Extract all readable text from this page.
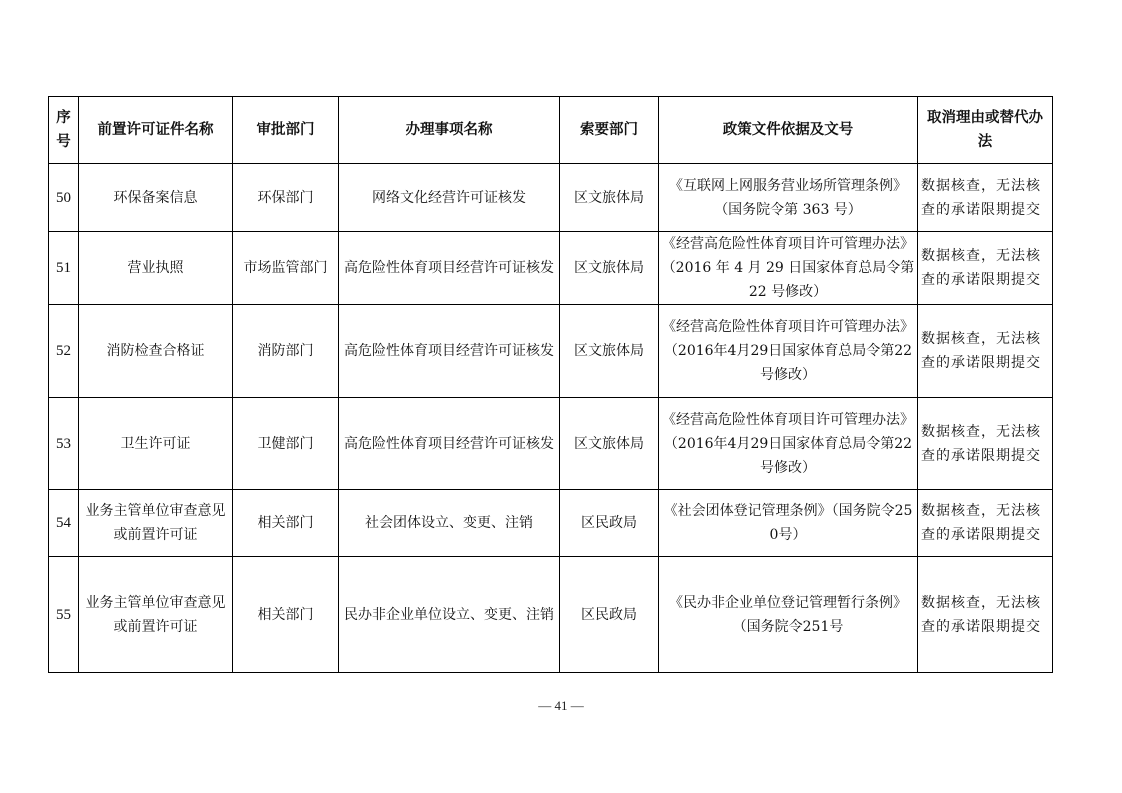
序号	前置许可证件名称	审批部门	办理事项名称	索要部门	政策文件依据及文号	取消理由或替代办法
50	环保备案信息	环保部门	网络文化经营许可证核发	区文旅体局	《互联网上网服务营业场所管理条例》（国务院令第 363 号）	数据核查，无法核查的承诺限期提交
51	营业执照	市场监管部门	高危险性体育项目经营许可证核发	区文旅体局	《经营高危险性体育项目许可管理办法》（2016 年 4 月 29 日国家体育总局令第 22 号修改）	数据核查，无法核查的承诺限期提交
52	消防检查合格证	消防部门	高危险性体育项目经营许可证核发	区文旅体局	《经营高危险性体育项目许可管理办法》（2016年4月29日国家体育总局令第22号修改）	数据核查，无法核查的承诺限期提交
53	卫生许可证	卫健部门	高危险性体育项目经营许可证核发	区文旅体局	《经营高危险性体育项目许可管理办法》（2016年4月29日国家体育总局令第22号修改）	数据核查，无法核查的承诺限期提交
54	业务主管单位审查意见或前置许可证	相关部门	社会团体设立、变更、注销	区民政局	《社会团体登记管理条例》（国务院令250号）	数据核查，无法核查的承诺限期提交
55	业务主管单位审查意见或前置许可证	相关部门	民办非企业单位设立、变更、注销	区民政局	《民办非企业单位登记管理暂行条例》（国务院令251号	数据核查，无法核查的承诺限期提交
— 41 —
